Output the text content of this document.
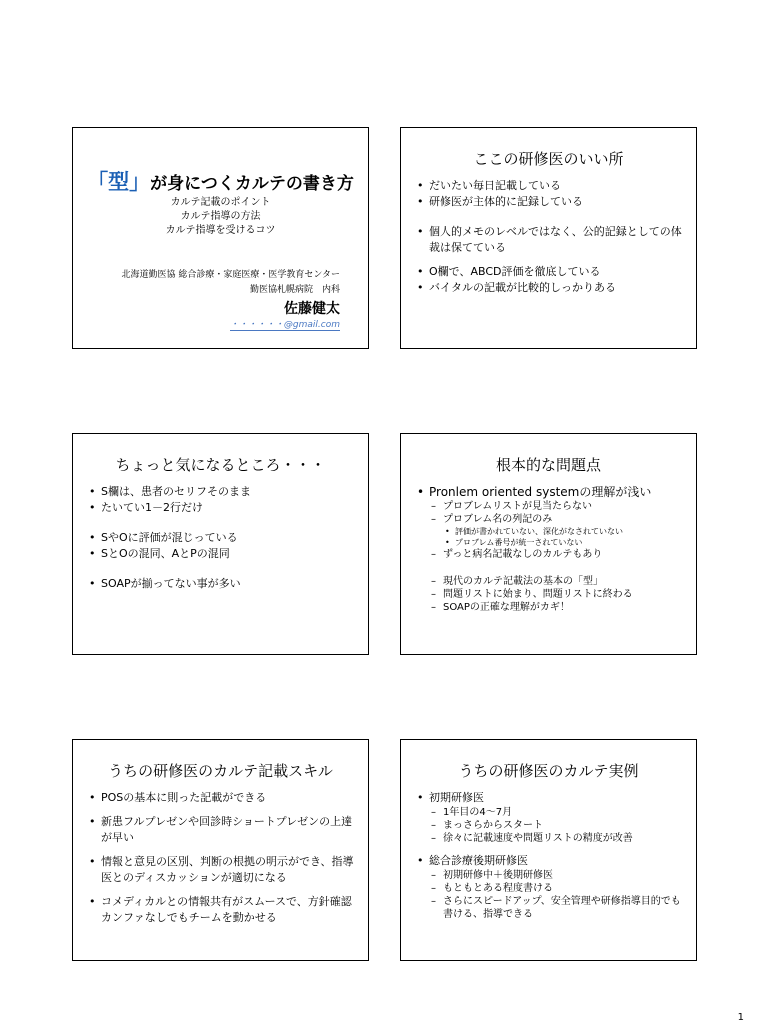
「型」が身につくカルテの書き方
カルテ記載のポイント
カルテ指導の方法
カルテ指導を受けるコツ
北海道勤医協 総合診療・家庭医療・医学教育センター
勤医協札幌病院　内科
佐藤健太
・・・・・・@gmail.com
ここの研修医のいい所
• だいたい毎日記載している
• 研修医が主体的に記録している
• 個人的メモのレベルではなく、公的記録としての体裁は保てている
• O欄で、ABCD評価を徹底している
• バイタルの記載が比較的しっかりある
ちょっと気になるところ・・・
• S欄は、患者のセリフそのまま
• たいてい1－2行だけ
• SやOに評価が混じっている
• SとOの混同、AとPの混同
• SOAPが揃ってない事が多い
根本的な問題点
• Pronlem oriented systemの理解が浅い
– プロブレムリストが見当たらない
– プロブレム名の列記のみ
• 評価が書かれていない、深化がなされていない
• プロブレム番号が統一されていない
– ずっと病名記載なしのカルテもあり
– 現代のカルテ記載法の基本の「型」
– 問題リストに始まり、問題リストに終わる
– SOAPの正確な理解がカギ！
うちの研修医のカルテ記載スキル
• POSの基本に則った記載ができる
• 新患フルプレゼンや回診時ショートプレゼンの上達が早い
• 情報と意見の区別、判断の根拠の明示ができ、指導医とのディスカッションが適切になる
• コメディカルとの情報共有がスムースで、方針確認カンファなしでもチームを動かせる
うちの研修医のカルテ実例
• 初期研修医
– 1年目の4～7月
– まっさらからスタート
– 徐々に記載速度や問題リストの精度が改善
• 総合診療後期研修医
– 初期研修中＋後期研修医
– もともとある程度書ける
– さらにスピードアップ、安全管理や研修指導目的でも書ける、指導できる
1
